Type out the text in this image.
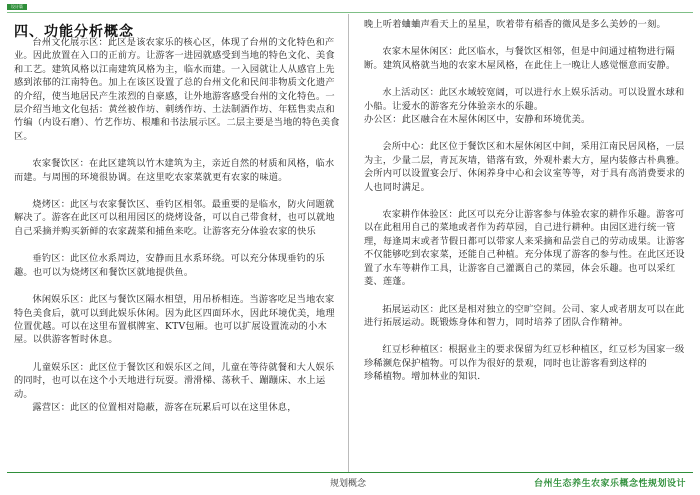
设计篇
四、功能分析概念

台州文化展示区：此区是该农家乐的核心区，体现了台州的文化特色和产业。因此放置在入口的正前方。让游客一进园就感受到当地的特色文化、美食和工艺。建筑风格以江南建筑风格为主，临水而建。一入园就让人从感官上先感到浓郁的江南特色。加上在该区设置了总的台州文化和民间非物质文化遗产的介绍，使当地居民产生浓烈的自豪感，让外地游客感受台州的文化特色。一层介绍当地文化包括：黄丝被作坊、刺绣作坊、土法制酒作坊、年糕售卖点和竹编（内设石磨）、竹艺作坊、根雕和书法展示区。二层主要是当地的特色美食区。

农家餐饮区：在此区建筑以竹木建筑为主，亲近自然的材质和风格，临水而建。与周围的环境很协调。在这里吃农家菜就更有农家的味道。

烧烤区：此区与农家餐饮区、垂钓区相邻。最重要的是临水，防火问题就解决了。游客在此区可以租用园区的烧烤设备，可以自己带食材，也可以就地自己采摘并购买新鲜的农家蔬菜和捕鱼来吃。让游客充分体验农家的快乐

垂钓区：此区位水系周边，安静而且水系环绕。可以充分体现垂钓的乐趣。也可以为烧烤区和餐饮区就地提供鱼。

休闲娱乐区：此区与餐饮区隔水相望，用吊桥相连。当游客吃足当地农家特色美食后，就可以到此娱乐休闲。因为此区四面环水，因此环境优美，地理位置优越。可以在这里布置棋牌室、KTV包厢。也可以扩展设置流动的小木屋。以供游客暂时休息。

儿童娱乐区：此区位于餐饮区和娱乐区之间，儿童在等待就餐和大人娱乐的同时，也可以在这个小天地进行玩耍。滑滑梯、荡秋千、蹦蹦床、水上运动。

露营区：此区的位置相对隐蔽，游客在玩累后可以在这里休息，

晚上听着蛐蛐声看天上的星星，吹着带有稻香的微风是多么美妙的一刻。

农家木屋休闲区：此区临水，与餐饮区相邻，但是中间通过植物进行隔断。建筑风格就当地的农家木屋风格，在此住上一晚让人感觉惬意而安静。

水上活动区：此区水域较宽阔，可以进行水上娱乐活动。可以设置水球和小船。让爱水的游客充分体验亲水的乐趣。

办公区：此区融合在木屋休闲区中，安静和环境优美。

会所中心：此区位于餐饮区和木屋休闲区中间，采用江南民居风格，一层为主，少量二层，青瓦灰墙，错落有致，外观朴素大方，屋内装修古朴典雅。会所内可以设置宴会厅、休闲养身中心和会议室等等，对于具有高消费要求的人也同时满足。

农家耕作体验区：此区可以充分让游客参与体验农家的耕作乐趣。游客可以在此租用自己的菜地或者作为药草园，自己进行耕种。由园区进行统一管理，每逢周末或者节假日都可以带家人来采摘和品尝自己的劳动成果。让游客不仅能够吃到农家菜，还能自己种植。充分体现了游客的参与性。在此区还设置了水车等耕作工具，让游客自己灌溉自己的菜园，体会乐趣。也可以采红菱、莲蓬。

拓展运动区：此区是相对独立的空旷空间。公司、家人或者朋友可以在此进行拓展运动。既锻炼身体和智力，同时培养了团队合作精神。

红豆杉种植区：根据业主的要求保留为红豆杉种植区，红豆杉为国家一级珍稀濒危保护植物。可以作为很好的景观，同时也让游客看到这样的

珍稀植物。增加林业的知识.

规划概念	台州生态养生农家乐概念性规划设计
